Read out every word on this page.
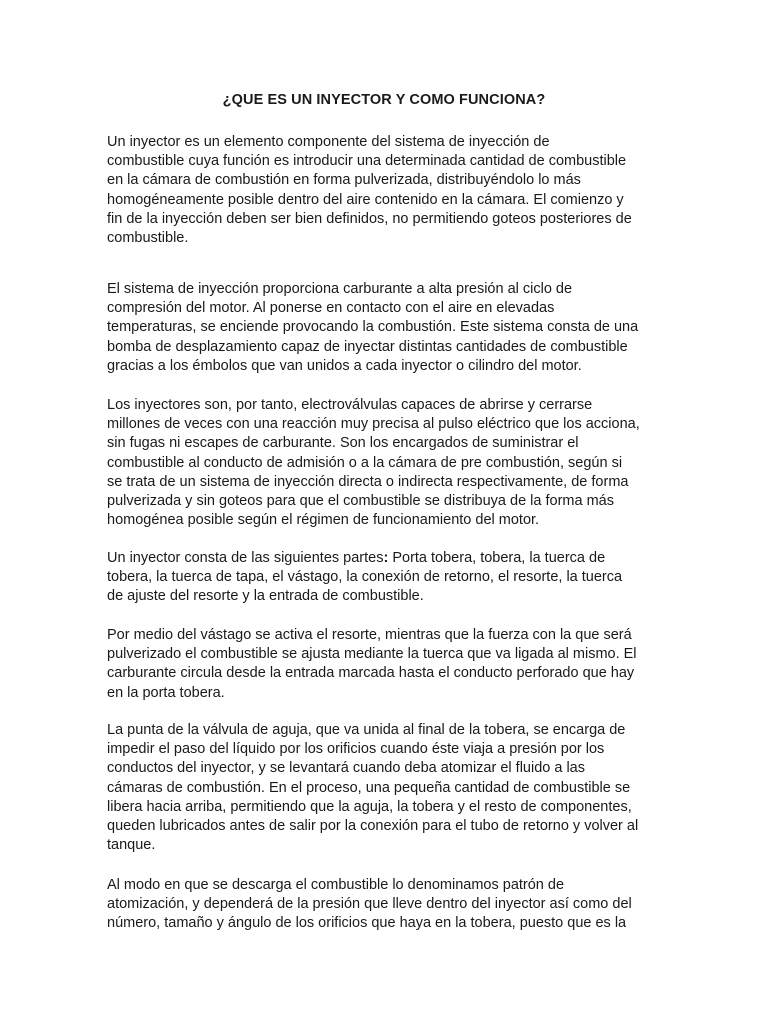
¿QUE ES UN INYECTOR Y COMO FUNCIONA?
Un inyector es un elemento componente del sistema de inyección de
combustible cuya función es introducir una determinada cantidad de combustible
en la cámara de combustión en forma pulverizada, distribuyéndolo lo más
homogéneamente posible dentro del aire contenido en la cámara. El comienzo y
fin de la inyección deben ser bien definidos, no permitiendo goteos posteriores de
combustible.
El sistema de inyección proporciona carburante a alta presión al ciclo de
compresión del motor. Al ponerse en contacto con el aire en elevadas
temperaturas, se enciende provocando la combustión. Este sistema consta de una
bomba de desplazamiento capaz de inyectar distintas cantidades de combustible
gracias a los émbolos que van unidos a cada inyector o cilindro del motor.
Los inyectores son, por tanto, electroválvulas capaces de abrirse y cerrarse
millones de veces con una reacción muy precisa al pulso eléctrico que los acciona,
sin fugas ni escapes de carburante. Son los encargados de suministrar el
combustible al conducto de admisión o a la cámara de pre combustión, según si
se trata de un sistema de inyección directa o indirecta respectivamente, de forma
pulverizada y sin goteos para que el combustible se distribuya de la forma más
homogénea posible según el régimen de funcionamiento del motor.
Un inyector consta de las siguientes partes: Porta tobera, tobera, la tuerca de
tobera, la tuerca de tapa, el vástago, la conexión de retorno, el resorte, la tuerca
de ajuste del resorte y la entrada de combustible.
Por medio del vástago se activa el resorte, mientras que la fuerza con la que será
pulverizado el combustible se ajusta mediante la tuerca que va ligada al mismo. El
carburante circula desde la entrada marcada hasta el conducto perforado que hay
en la porta tobera.
La punta de la válvula de aguja, que va unida al final de la tobera, se encarga de
impedir el paso del líquido por los orificios cuando éste viaja a presión por los
conductos del inyector, y se levantará cuando deba atomizar el fluido a las
cámaras de combustión. En el proceso, una pequeña cantidad de combustible se
libera hacia arriba, permitiendo que la aguja, la tobera y el resto de componentes,
queden lubricados antes de salir por la conexión para el tubo de retorno y volver al
tanque.
Al modo en que se descarga el combustible lo denominamos patrón de
atomización, y dependerá de la presión que lleve dentro del inyector así como del
número, tamaño y ángulo de los orificios que haya en la tobera, puesto que es la
